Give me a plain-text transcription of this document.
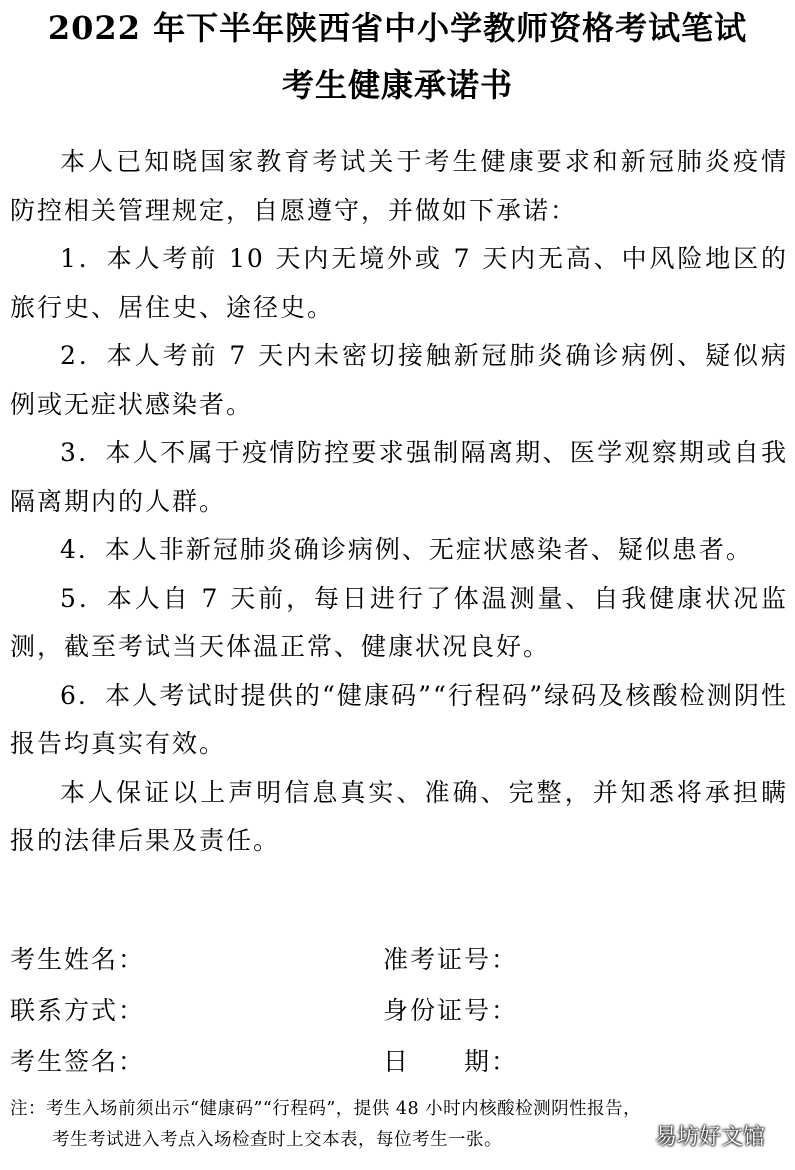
2022 年下半年陕西省中小学教师资格考试笔试
考生健康承诺书

本人已知晓国家教育考试关于考生健康要求和新冠肺炎疫情防控相关管理规定，自愿遵守，并做如下承诺：

1．本人考前 10 天内无境外或 7 天内无高、中风险地区的旅行史、居住史、途径史。

2．本人考前 7 天内未密切接触新冠肺炎确诊病例、疑似病例或无症状感染者。

3．本人不属于疫情防控要求强制隔离期、医学观察期或自我隔离期内的人群。

4．本人非新冠肺炎确诊病例、无症状感染者、疑似患者。

5．本人自 7 天前，每日进行了体温测量、自我健康状况监测，截至考试当天体温正常、健康状况良好。

6．本人考试时提供的“健康码”“行程码”绿码及核酸检测阴性报告均真实有效。

本人保证以上声明信息真实、准确、完整，并知悉将承担瞒报的法律后果及责任。

考生姓名：	准考证号：
联系方式：	身份证号：
考生签名：	日　　期：
注：考生入场前须出示“健康码”“行程码”，提供 48 小时内核酸检测阴性报告，
考生考试进入考点入场检查时上交本表，每位考生一张。	易坊好文馆
